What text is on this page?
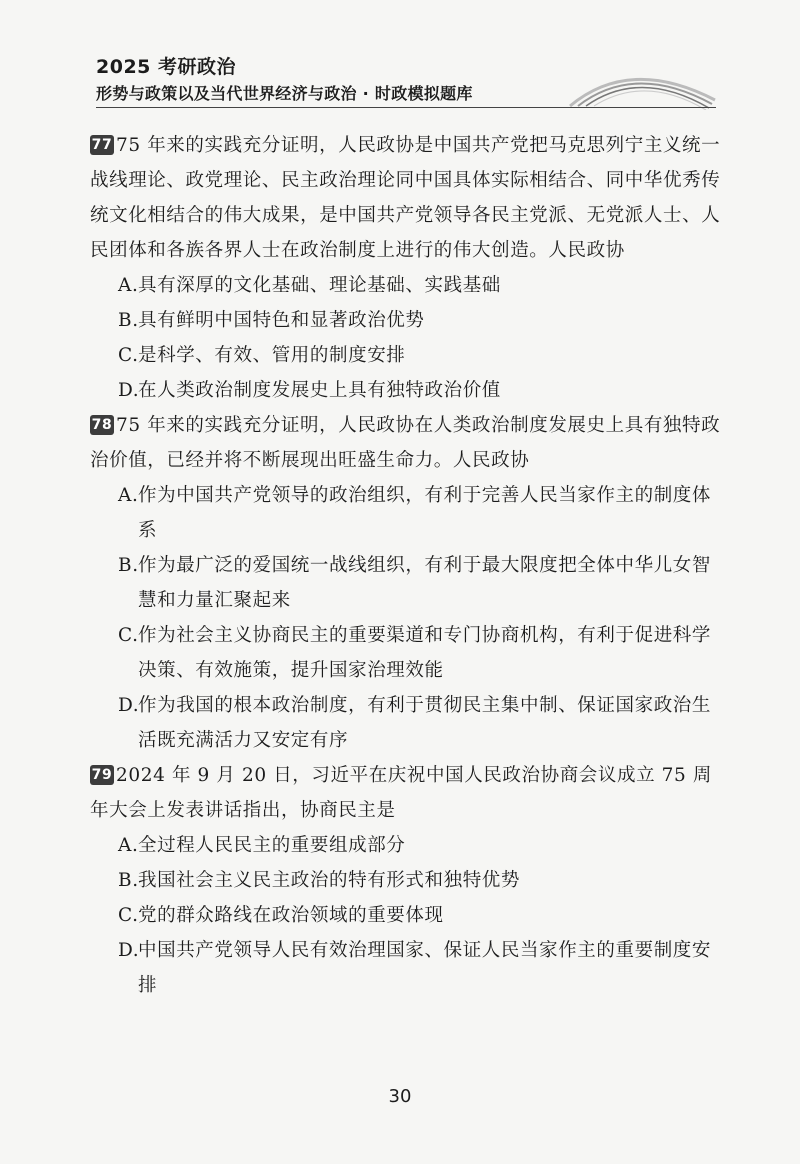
2025 考研政治
形势与政策以及当代世界经济与政治 · 时政模拟题库
77 75 年来的实践充分证明，人民政协是中国共产党把马克思列宁主义统一战线理论、政党理论、民主政治理论同中国具体实际相结合、同中华优秀传统文化相结合的伟大成果，是中国共产党领导各民主党派、无党派人士、人民团体和各族各界人士在政治制度上进行的伟大创造。人民政协
A.具有深厚的文化基础、理论基础、实践基础
B.具有鲜明中国特色和显著政治优势
C.是科学、有效、管用的制度安排
D.在人类政治制度发展史上具有独特政治价值
78 75 年来的实践充分证明，人民政协在人类政治制度发展史上具有独特政治价值，已经并将不断展现出旺盛生命力。人民政协
A.作为中国共产党领导的政治组织，有利于完善人民当家作主的制度体系
B.作为最广泛的爱国统一战线组织，有利于最大限度把全体中华儿女智慧和力量汇聚起来
C.作为社会主义协商民主的重要渠道和专门协商机构，有利于促进科学决策、有效施策，提升国家治理效能
D.作为我国的根本政治制度，有利于贯彻民主集中制、保证国家政治生活既充满活力又安定有序
79 2024 年 9 月 20 日，习近平在庆祝中国人民政治协商会议成立 75 周年大会上发表讲话指出，协商民主是
A.全过程人民民主的重要组成部分
B.我国社会主义民主政治的特有形式和独特优势
C.党的群众路线在政治领域的重要体现
D.中国共产党领导人民有效治理国家、保证人民当家作主的重要制度安排
30
